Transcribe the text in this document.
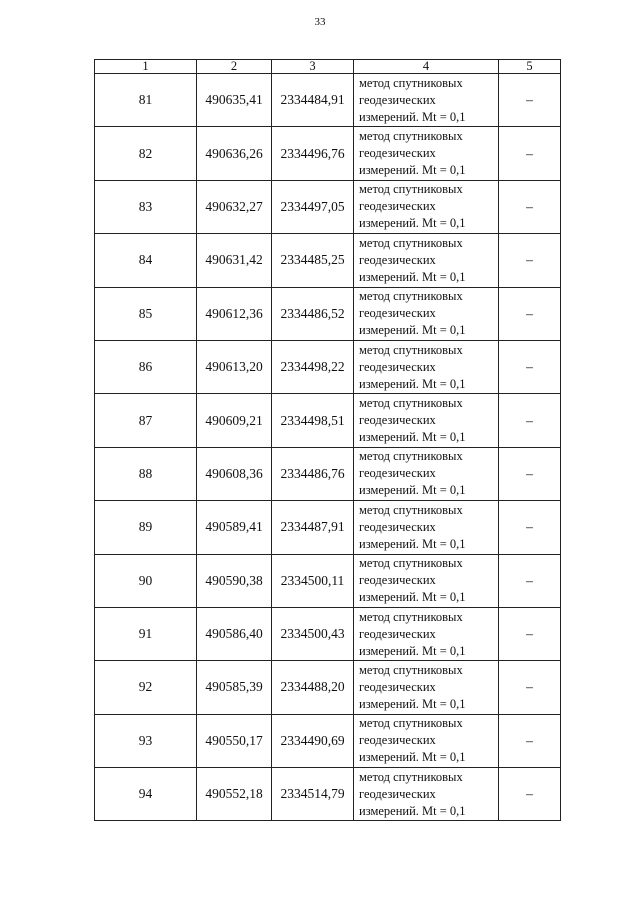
33
1	2	3	4	5
81	490635,41	2334484,91	метод спутниковых
геодезических
измерений. Mt = 0,1	–
82	490636,26	2334496,76	метод спутниковых
геодезических
измерений. Mt = 0,1	–
83	490632,27	2334497,05	метод спутниковых
геодезических
измерений. Mt = 0,1	–
84	490631,42	2334485,25	метод спутниковых
геодезических
измерений. Mt = 0,1	–
85	490612,36	2334486,52	метод спутниковых
геодезических
измерений. Mt = 0,1	–
86	490613,20	2334498,22	метод спутниковых
геодезических
измерений. Mt = 0,1	–
87	490609,21	2334498,51	метод спутниковых
геодезических
измерений. Mt = 0,1	–
88	490608,36	2334486,76	метод спутниковых
геодезических
измерений. Mt = 0,1	–
89	490589,41	2334487,91	метод спутниковых
геодезических
измерений. Mt = 0,1	–
90	490590,38	2334500,11	метод спутниковых
геодезических
измерений. Mt = 0,1	–
91	490586,40	2334500,43	метод спутниковых
геодезических
измерений. Mt = 0,1	–
92	490585,39	2334488,20	метод спутниковых
геодезических
измерений. Mt = 0,1	–
93	490550,17	2334490,69	метод спутниковых
геодезических
измерений. Mt = 0,1	–
94	490552,18	2334514,79	метод спутниковых
геодезических
измерений. Mt = 0,1	–
